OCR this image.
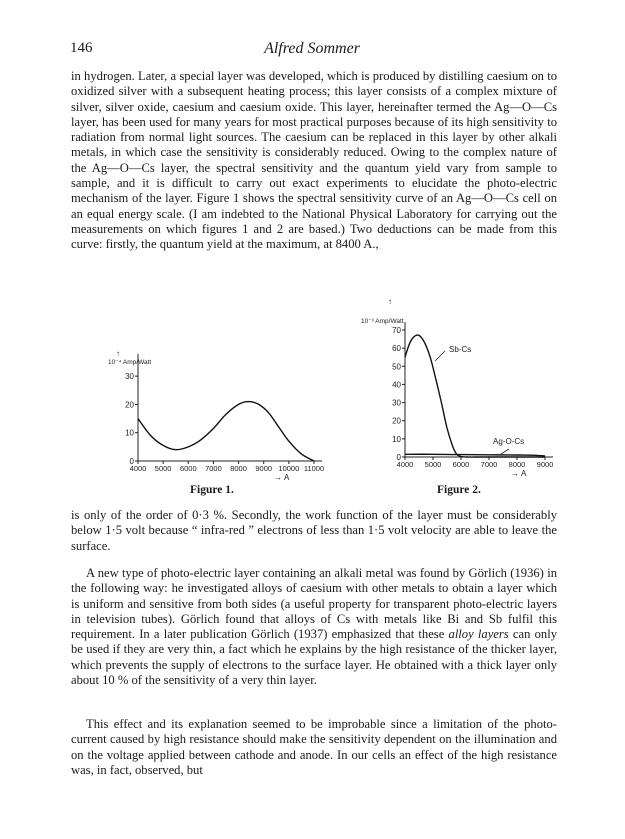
146	Alfred Sommer

in hydrogen. Later, a special layer was developed, which is produced by distilling caesium on to oxidized silver with a subsequent heating process; this layer consists of a complex mixture of silver, silver oxide, caesium and caesium oxide. This layer, hereinafter termed the Ag—O—Cs layer, has been used for many years for most practical purposes because of its high sensitivity to radiation from normal light sources. The caesium can be replaced in this layer by other alkali metals, in which case the sensitivity is considerably reduced. Owing to the complex nature of the Ag—O—Cs layer, the spectral sensitivity and the quantum yield vary from sample to sample, and it is difficult to carry out exact experiments to elucidate the photo-electric mechanism of the layer. Figure 1 shows the spectral sensitivity curve of an Ag—O—Cs cell on an equal energy scale. (I am indebted to the National Physical Laboratory for carrying out the measurements on which figures 1 and 2 are based.) Two deductions can be made from this curve: firstly, the quantum yield at the maximum, at 8400 A.,

0
10
20
30
4000 5000 6000 7000 8000 9000 10000 11000
→ A
10⁻⁴ Amp/Watt
↑
Figure 1.
0
10
20
30
40
50
60
70
4000 5000 6000 7000 8000 9000
→ A
10⁻³ Amp/Watt
↑
Sb-Cs
Ag-O-Cs
Figure 2.

is only of the order of 0·3 %. Secondly, the work function of the layer must be considerably below 1·5 volt because “ infra-red ” electrons of less than 1·5 volt velocity are able to leave the surface.

A new type of photo-electric layer containing an alkali metal was found by Görlich (1936) in the following way: he investigated alloys of caesium with other metals to obtain a layer which is uniform and sensitive from both sides (a useful property for transparent photo-electric layers in television tubes). Görlich found that alloys of Cs with metals like Bi and Sb fulfil this requirement. In a later publication Görlich (1937) emphasized that these alloy layers can only be used if they are very thin, a fact which he explains by the high resistance of the thicker layer, which prevents the supply of electrons to the surface layer. He obtained with a thick layer only about 10 % of the sensitivity of a very thin layer.

This effect and its explanation seemed to be improbable since a limitation of the photo-current caused by high resistance should make the sensitivity dependent on the illumination and on the voltage applied between cathode and anode. In our cells an effect of the high resistance was, in fact, observed, but
